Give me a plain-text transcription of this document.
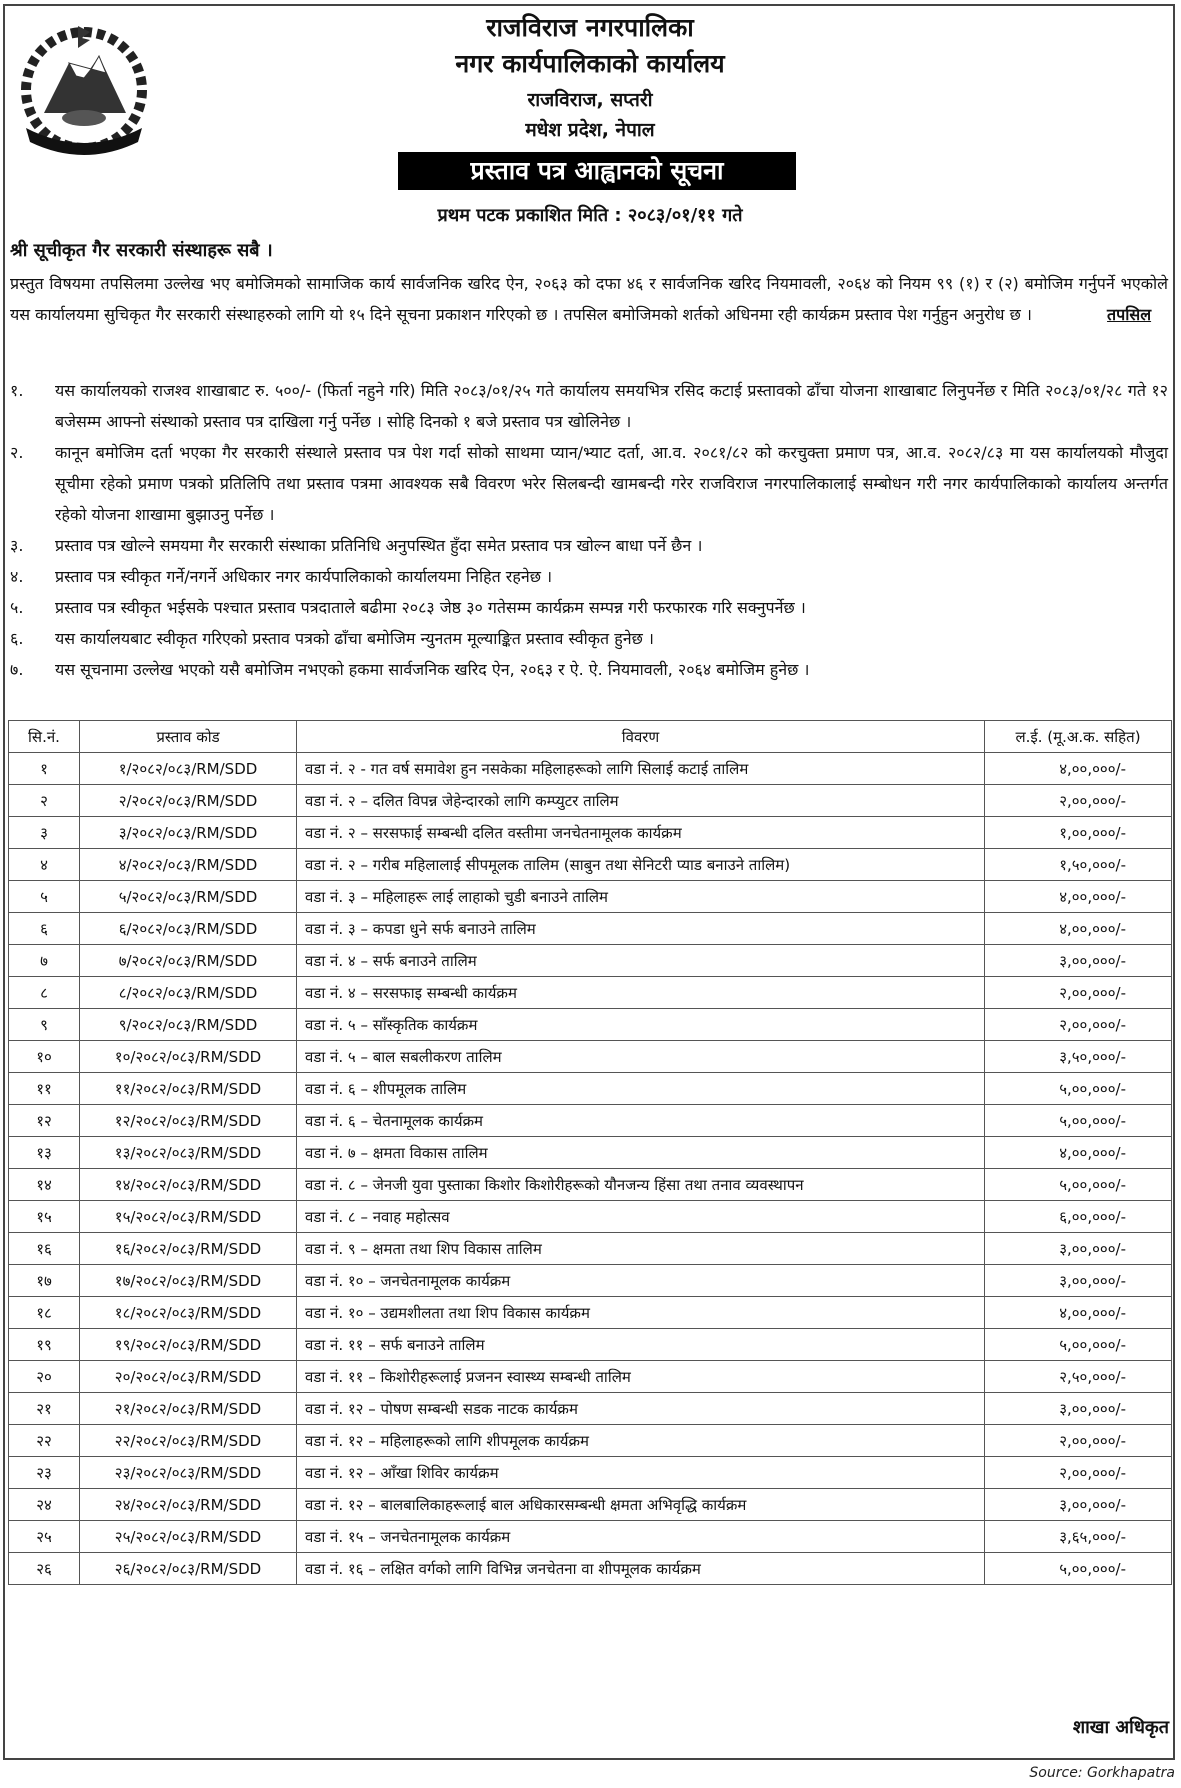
राजविराज नगरपालिका
नगर कार्यपालिकाको कार्यालय
राजविराज, सप्तरी
मधेश प्रदेश, नेपाल
प्रस्ताव पत्र आह्वानको सूचना
प्रथम पटक प्रकाशित मिति : २०८३/०१/११ गते
श्री सूचीकृत गैर सरकारी संस्थाहरू सबै ।
प्रस्तुत विषयमा तपसिलमा उल्लेख भए बमोजिमको सामाजिक कार्य सार्वजनिक खरिद ऐन, २०६३ को दफा ४६ र सार्वजनिक खरिद नियमावली, २०६४ को नियम ९९ (१) र (२) बमोजिम गर्नुपर्ने भएकोले यस कार्यालयमा सुचिकृत गैर सरकारी संस्थाहरुको लागि यो १५ दिने सूचना प्रकाशन गरिएको छ । तपसिल बमोजिमको शर्तको अधिनमा रही कार्यक्रम प्रस्ताव पेश गर्नुहुन अनुरोध छ ।	तपसिल
१.	यस कार्यालयको राजश्व शाखाबाट रु. ५००/- (फिर्ता नहुने गरि) मिति २०८३/०१/२५ गते कार्यालय समयभित्र रसिद कटाई प्रस्तावको ढाँचा योजना शाखाबाट लिनुपर्नेछ र मिति २०८३/०१/२८ गते १२ बजेसम्म आफ्नो संस्थाको प्रस्ताव पत्र दाखिला गर्नु पर्नेछ । सोहि दिनको १ बजे प्रस्ताव पत्र खोलिनेछ ।
२.	कानून बमोजिम दर्ता भएका गैर सरकारी संस्थाले प्रस्ताव पत्र पेश गर्दा सोको साथमा प्यान/भ्याट दर्ता, आ.व. २०८१/८२ को करचुक्ता प्रमाण पत्र, आ.व. २०८२/८३ मा यस कार्यालयको मौजुदा सूचीमा रहेको प्रमाण पत्रको प्रतिलिपि तथा प्रस्ताव पत्रमा आवश्यक सबै विवरण भरेर सिलबन्दी खामबन्दी गरेर राजविराज नगरपालिकालाई सम्बोधन गरी नगर कार्यपालिकाको कार्यालय अन्तर्गत रहेको योजना शाखामा बुझाउनु पर्नेछ ।
३.	प्रस्ताव पत्र खोल्ने समयमा गैर सरकारी संस्थाका प्रतिनिधि अनुपस्थित हुँदा समेत प्रस्ताव पत्र खोल्न बाधा पर्ने छैन ।
४.	प्रस्ताव पत्र स्वीकृत गर्ने/नगर्ने अधिकार नगर कार्यपालिकाको कार्यालयमा निहित रहनेछ ।
५.	प्रस्ताव पत्र स्वीकृत भईसके पश्चात प्रस्ताव पत्रदाताले बढीमा २०८३ जेष्ठ ३० गतेसम्म कार्यक्रम सम्पन्न गरी फरफारक गरि सक्नुपर्नेछ ।
६.	यस कार्यालयबाट स्वीकृत गरिएको प्रस्ताव पत्रको ढाँचा बमोजिम न्युनतम मूल्याङ्कित प्रस्ताव स्वीकृत हुनेछ ।
७.	यस सूचनामा उल्लेख भएको यसै बमोजिम नभएको हकमा सार्वजनिक खरिद ऐन, २०६३ र ऐ. ऐ. नियमावली, २०६४ बमोजिम हुनेछ ।
सि.नं.	प्रस्ताव कोड	विवरण	ल.ई. (मू.अ.क. सहित)
१	१/२०८२/०८३/RM/SDD	वडा नं. २ - गत वर्ष समावेश हुन नसकेका महिलाहरूको लागि सिलाई कटाई तालिम	४,००,०००/-
२	२/२०८२/०८३/RM/SDD	वडा नं. २ – दलित विपन्न जेहेन्दारको लागि कम्प्युटर तालिम	२,००,०००/-
३	३/२०८२/०८३/RM/SDD	वडा नं. २ – सरसफाई सम्बन्धी दलित वस्तीमा जनचेतनामूलक कार्यक्रम	१,००,०००/-
४	४/२०८२/०८३/RM/SDD	वडा नं. २ – गरीब महिलालाई सीपमूलक तालिम (साबुन तथा सेनिटरी प्याड बनाउने तालिम)	१,५०,०००/-
५	५/२०८२/०८३/RM/SDD	वडा नं. ३ – महिलाहरू लाई लाहाको चुडी बनाउने तालिम	४,००,०००/-
६	६/२०८२/०८३/RM/SDD	वडा नं. ३ – कपडा धुने सर्फ बनाउने तालिम	४,००,०००/-
७	७/२०८२/०८३/RM/SDD	वडा नं. ४ – सर्फ बनाउने तालिम	३,००,०००/-
८	८/२०८२/०८३/RM/SDD	वडा नं. ४ – सरसफाइ सम्बन्धी कार्यक्रम	२,००,०००/-
९	९/२०८२/०८३/RM/SDD	वडा नं. ५ – साँस्कृतिक कार्यक्रम	२,००,०००/-
१०	१०/२०८२/०८३/RM/SDD	वडा नं. ५ – बाल सबलीकरण तालिम	३,५०,०००/-
११	११/२०८२/०८३/RM/SDD	वडा नं. ६ – शीपमूलक तालिम	५,००,०००/-
१२	१२/२०८२/०८३/RM/SDD	वडा नं. ६ – चेतनामूलक कार्यक्रम	५,००,०००/-
१३	१३/२०८२/०८३/RM/SDD	वडा नं. ७ – क्षमता विकास तालिम	४,००,०००/-
१४	१४/२०८२/०८३/RM/SDD	वडा नं. ८ – जेनजी युवा पुस्ताका किशोर किशोरीहरूको यौनजन्य हिंसा तथा तनाव व्यवस्थापन	५,००,०००/-
१५	१५/२०८२/०८३/RM/SDD	वडा नं. ८ – नवाह महोत्सव	६,००,०००/-
१६	१६/२०८२/०८३/RM/SDD	वडा नं. ९ – क्षमता तथा शिप विकास तालिम	३,००,०००/-
१७	१७/२०८२/०८३/RM/SDD	वडा नं. १० – जनचेतनामूलक कार्यक्रम	३,००,०००/-
१८	१८/२०८२/०८३/RM/SDD	वडा नं. १० – उद्यमशीलता तथा शिप विकास कार्यक्रम	४,००,०००/-
१९	१९/२०८२/०८३/RM/SDD	वडा नं. ११ – सर्फ बनाउने तालिम	५,००,०००/-
२०	२०/२०८२/०८३/RM/SDD	वडा नं. ११ – किशोरीहरूलाई प्रजनन स्वास्थ्य सम्बन्धी तालिम	२,५०,०००/-
२१	२१/२०८२/०८३/RM/SDD	वडा नं. १२ – पोषण सम्बन्धी सडक नाटक कार्यक्रम	३,००,०००/-
२२	२२/२०८२/०८३/RM/SDD	वडा नं. १२ – महिलाहरूको लागि शीपमूलक कार्यक्रम	२,००,०००/-
२३	२३/२०८२/०८३/RM/SDD	वडा नं. १२ – आँखा शिविर कार्यक्रम	२,००,०००/-
२४	२४/२०८२/०८३/RM/SDD	वडा नं. १२ – बालबालिकाहरूलाई बाल अधिकारसम्बन्धी क्षमता अभिवृद्धि कार्यक्रम	३,००,०००/-
२५	२५/२०८२/०८३/RM/SDD	वडा नं. १५ – जनचेतनामूलक कार्यक्रम	३,६५,०००/-
२६	२६/२०८२/०८३/RM/SDD	वडा नं. १६ – लक्षित वर्गको लागि विभिन्न जनचेतना वा शीपमूलक कार्यक्रम	५,००,०००/-
शाखा अधिकृत
Source: Gorkhapatra
